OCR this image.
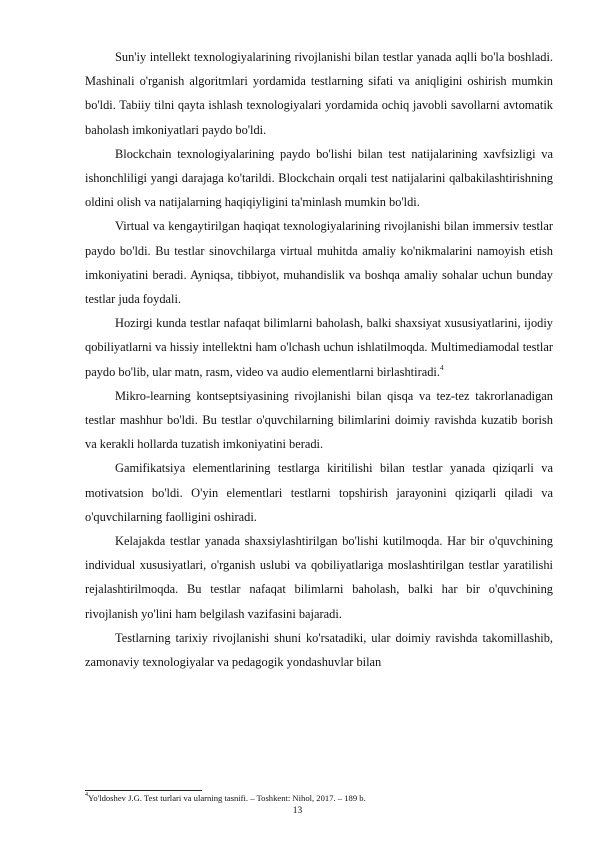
Sun'iy intellekt texnologiyalarining rivojlanishi bilan testlar yanada aqlli bo'la boshladi. Mashinali o'rganish algoritmlari yordamida testlarning sifati va aniqligini oshirish mumkin bo'ldi. Tabiiy tilni qayta ishlash texnologiyalari yordamida ochiq javobli savollarni avtomatik baholash imkoniyatlari paydo bo'ldi.

Blockchain texnologiyalarining paydo bo'lishi bilan test natijalarining xavfsizligi va ishonchliligi yangi darajaga ko'tarildi. Blockchain orqali test natijalarini qalbakilashtirishning oldini olish va natijalarning haqiqiyligini ta'minlash mumkin bo'ldi.

Virtual va kengaytirilgan haqiqat texnologiyalarining rivojlanishi bilan immersiv testlar paydo bo'ldi. Bu testlar sinovchilarga virtual muhitda amaliy ko'nikmalarini namoyish etish imkoniyatini beradi. Ayniqsa, tibbiyot, muhandislik va boshqa amaliy sohalar uchun bunday testlar juda foydali.

Hozirgi kunda testlar nafaqat bilimlarni baholash, balki shaxsiyat xususiyatlarini, ijodiy qobiliyatlarni va hissiy intellektni ham o'lchash uchun ishlatilmoqda. Multimediamodal testlar paydo bo'lib, ular matn, rasm, video va audio elementlarni birlashtiradi.$^4$

Mikro-learning kontseptsiyasining rivojlanishi bilan qisqa va tez-tez takrorlanadigan testlar mashhur bo'ldi. Bu testlar o'quvchilarning bilimlarini doimiy ravishda kuzatib borish va kerakli hollarda tuzatish imkoniyatini beradi.

Gamifikatsiya elementlarining testlarga kiritilishi bilan testlar yanada qiziqarli va motivatsion bo'ldi. O'yin elementlari testlarni topshirish jarayonini qiziqarli qiladi va o'quvchilarning faolligini oshiradi.

Kelajakda testlar yanada shaxsiylashtirilgan bo'lishi kutilmoqda. Har bir o'quvchining individual xususiyatlari, o'rganish uslubi va qobiliyatlariga moslashtirilgan testlar yaratilishi rejalashtirilmoqda. Bu testlar nafaqat bilimlarni baholash, balki har bir o'quvchining rivojlanish yo'lini ham belgilash vazifasini bajaradi.

Testlarning tarixiy rivojlanishi shuni ko'rsatadiki, ular doimiy ravishda takomillashib, zamonaviy texnologiyalar va pedagogik yondashuvlar bilan

$^4$Yo'ldoshev J.G. Test turlari va ularning tasnifi. – Toshkent: Nihol, 2017. – 189 b.
13
